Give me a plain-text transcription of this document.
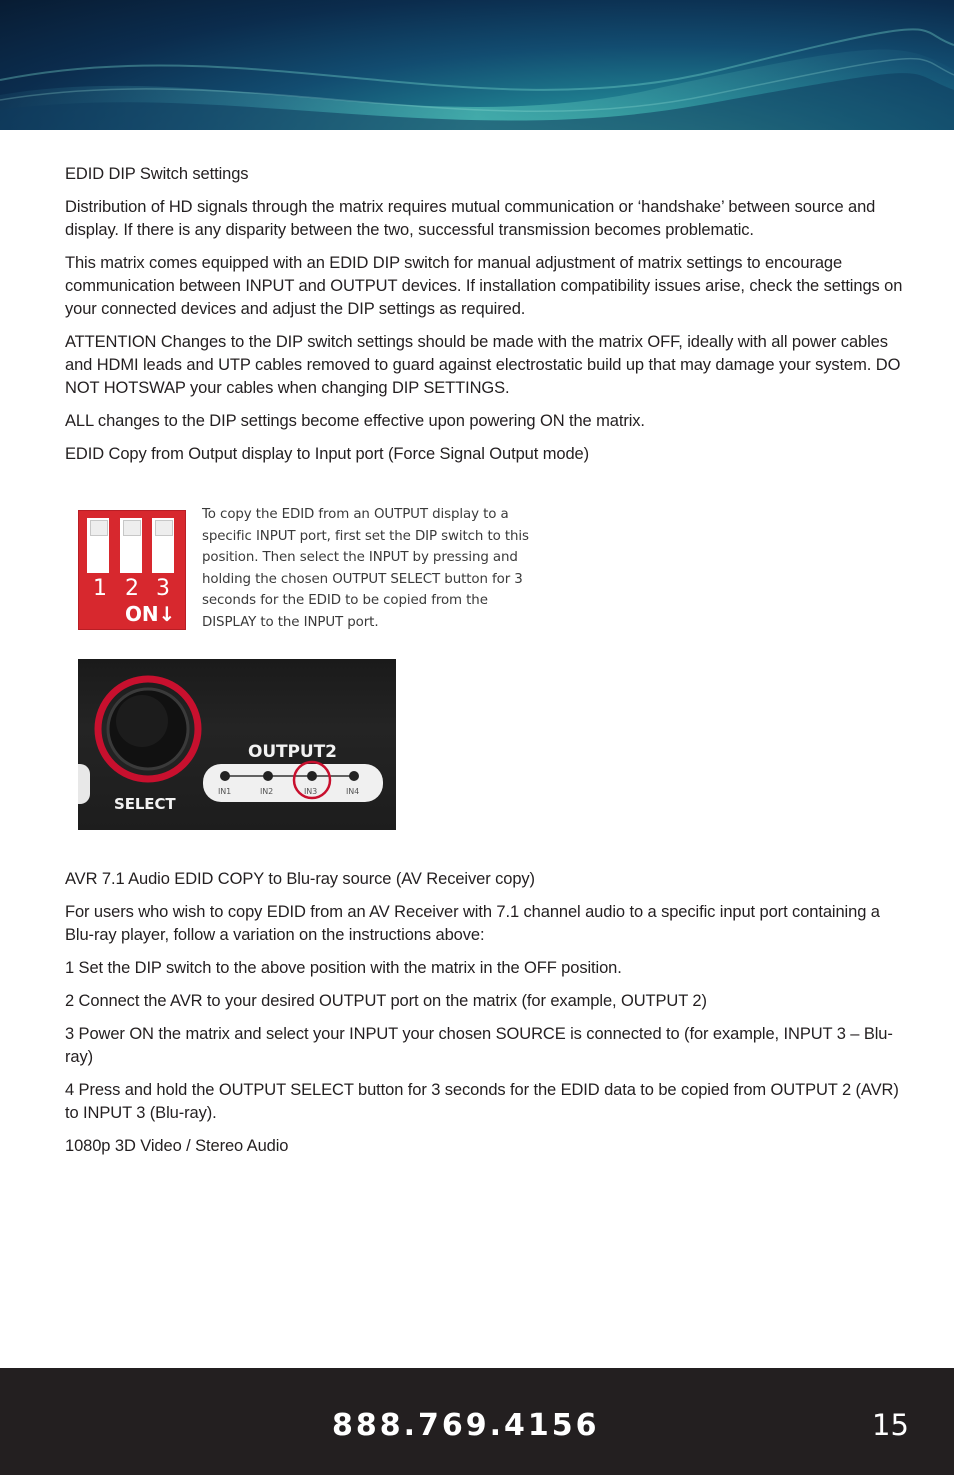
EDID DIP Switch settings

Distribution of HD signals through the matrix requires mutual communication or ‘handshake’ between source and display. If there is any disparity between the two, successful transmission becomes problematic.

This matrix comes equipped with an EDID DIP switch for manual adjustment of matrix settings to encourage communication between INPUT and OUTPUT devices. If installation compatibility issues arise, check the settings on your connected devices and adjust the DIP settings as required.

ATTENTION Changes to the DIP switch settings should be made with the matrix OFF, ideally with all power cables and HDMI leads and UTP cables removed to guard against electrostatic build up that may damage your system. DO NOT HOTSWAP your cables when changing DIP SETTINGS.

ALL changes to the DIP settings become effective upon powering ON the matrix.

EDID Copy from Output display to Input port (Force Signal Output mode)

1 2 3
ON↓
To copy the EDID from an OUTPUT display to a specific INPUT port, first set the DIP switch to this position. Then select the INPUT by pressing and holding the chosen OUTPUT SELECT button for 3 seconds for the EDID to be copied from the DISPLAY to the INPUT port.
SELECT
OUTPUT2
IN1	IN2	IN3	IN4

AVR 7.1 Audio EDID COPY to Blu-ray source (AV Receiver copy)

For users who wish to copy EDID from an AV Receiver with 7.1 channel audio to a specific input port containing a Blu-ray player, follow a variation on the instructions above:

1 Set the DIP switch to the above position with the matrix in the OFF position.

2 Connect the AVR to your desired OUTPUT port on the matrix (for example, OUTPUT 2)

3 Power ON the matrix and select your INPUT your chosen SOURCE is connected to (for example, INPUT 3 – Blu-ray)

4 Press and hold the OUTPUT SELECT button for 3 seconds for the EDID data to be copied from OUTPUT 2 (AVR) to INPUT 3 (Blu-ray).

1080p 3D Video / Stereo Audio

888.769.4156	15
